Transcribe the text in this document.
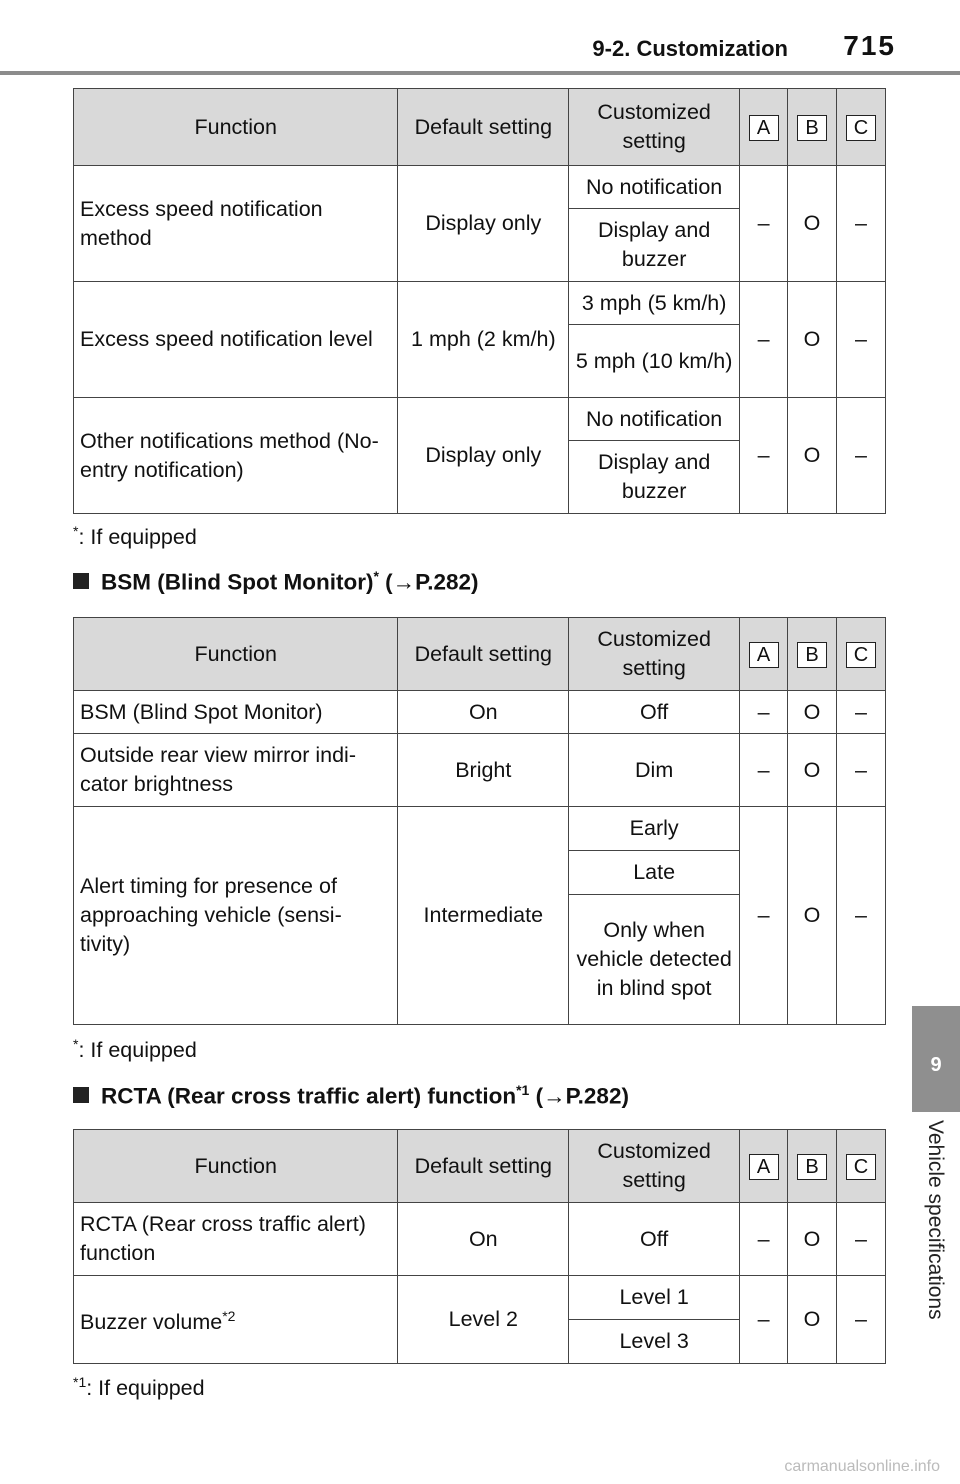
9-2. Customization 715
9
Vehicle specifications
Function	Default setting	Customized setting	A	B	C
Excess speed notification method	Display only	No notification	–	O	–
		Display and buzzer			
Excess speed notification level	1 mph (2 km/h)	3 mph (5 km/h)	–	O	–
		5 mph (10 km/h)			
Other notifications method (No-entry notification)	Display only	No notification	–	O	–
		Display and buzzer			
*: If equipped
BSM (Blind Spot Monitor)* (→P.282)
Function	Default setting	Customized setting	A	B	C
BSM (Blind Spot Monitor)	On	Off	–	O	–
Outside rear view mirror indi-cator brightness	Bright	Dim	–	O	–
Alert timing for presence of approaching vehicle (sensi-tivity)	Intermediate	Early	–	O	–
		Late			
		Only when vehicle detected in blind spot			
*: If equipped
RCTA (Rear cross traffic alert) function$^{*1}$ (→P.282)
Function	Default setting	Customized setting	A	B	C
RCTA (Rear cross traffic alert) function	On	Off	–	O	–
Buzzer volume$^{*2}$	Level 2	Level 1	–	O	–
		Level 3			
$^{*1}$: If equipped
carmanualsonline.info
